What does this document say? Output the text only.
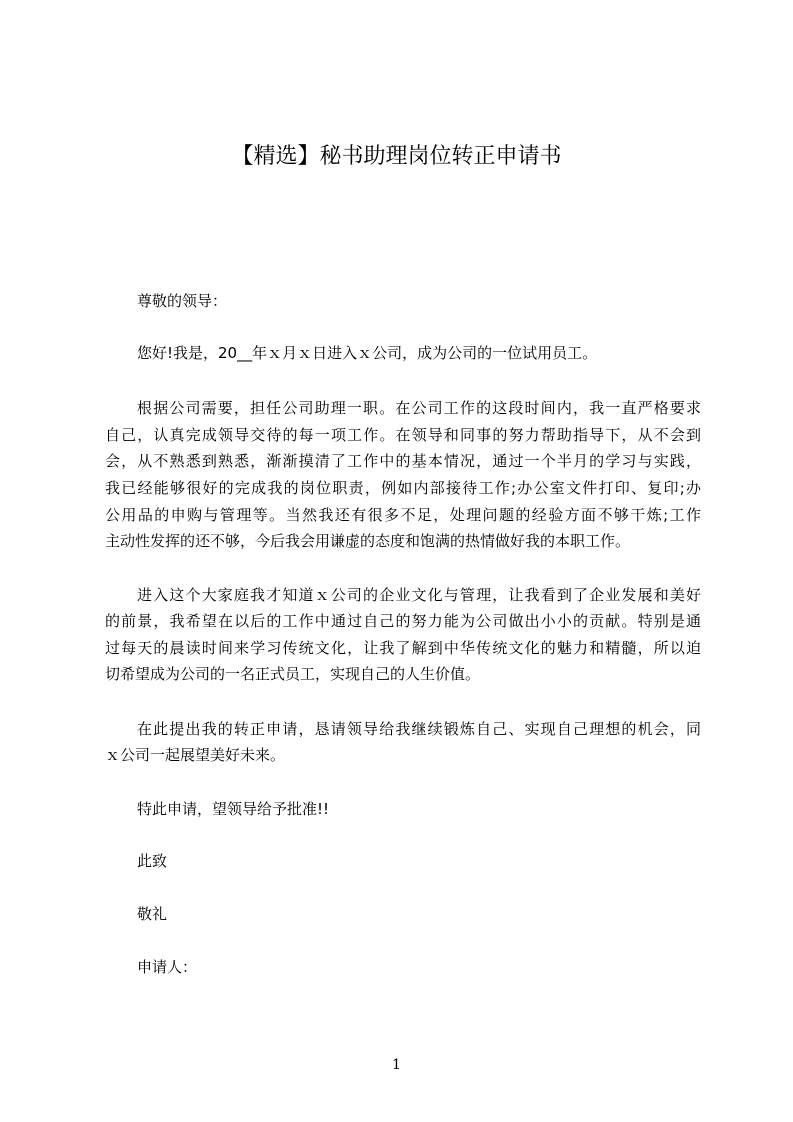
【精选】秘书助理岗位转正申请书
尊敬的领导：
您好!我是，20__年ｘ月ｘ日进入ｘ公司，成为公司的一位试用员工。
根据公司需要，担任公司助理一职。在公司工作的这段时间内，我一直严格要求
自己，认真完成领导交待的每一项工作。在领导和同事的努力帮助指导下，从不会到
会，从不熟悉到熟悉，渐渐摸清了工作中的基本情况，通过一个半月的学习与实践，
我已经能够很好的完成我的岗位职责，例如内部接待工作;办公室文件打印、复印;办
公用品的申购与管理等。当然我还有很多不足，处理问题的经验方面不够干炼;工作
主动性发挥的还不够，今后我会用谦虚的态度和饱满的热情做好我的本职工作。
进入这个大家庭我才知道ｘ公司的企业文化与管理，让我看到了企业发展和美好
的前景，我希望在以后的工作中通过自己的努力能为公司做出小小的贡献。特别是通
过每天的晨读时间来学习传统文化，让我了解到中华传统文化的魅力和精髓，所以迫
切希望成为公司的一名正式员工，实现自己的人生价值。
在此提出我的转正申请，恳请领导给我继续锻炼自己、实现自己理想的机会，同
ｘ公司一起展望美好未来。
特此申请，望领导给予批准!!
此致
敬礼
申请人：
1
